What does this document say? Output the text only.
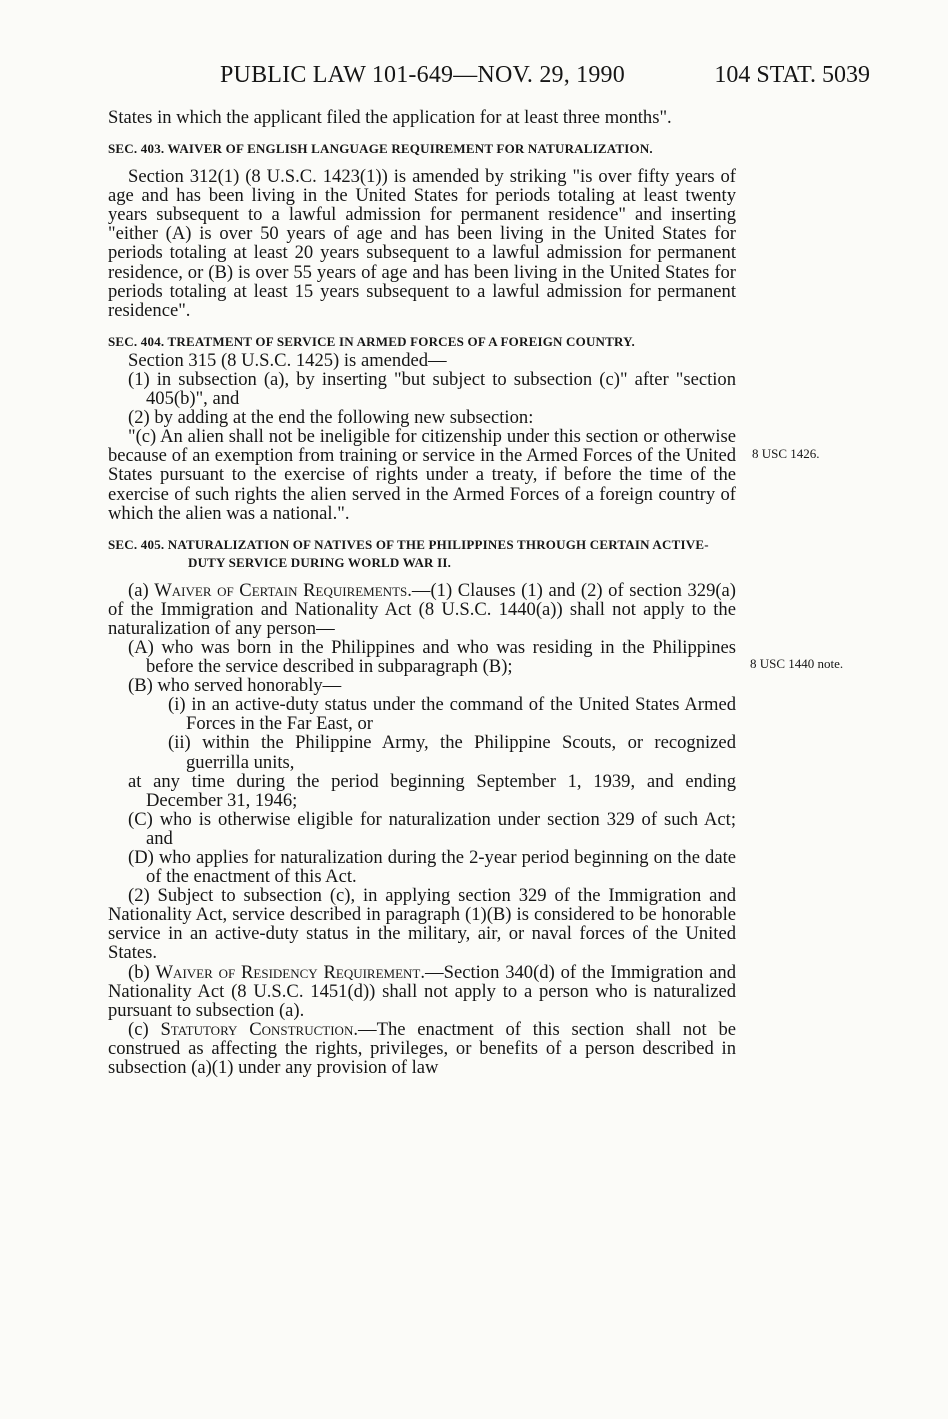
PUBLIC LAW 101-649—NOV. 29, 1990	104 STAT. 5039

States in which the applicant filed the application for at least three months".

SEC. 403. WAIVER OF ENGLISH LANGUAGE REQUIREMENT FOR NATURALIZATION.

Section 312(1) (8 U.S.C. 1423(1)) is amended by striking "is over fifty years of age and has been living in the United States for periods totaling at least twenty years subsequent to a lawful admission for permanent residence" and inserting "either (A) is over 50 years of age and has been living in the United States for periods totaling at least 20 years subsequent to a lawful admission for permanent residence, or (B) is over 55 years of age and has been living in the United States for periods totaling at least 15 years subsequent to a lawful admission for permanent residence".

SEC. 404. TREATMENT OF SERVICE IN ARMED FORCES OF A FOREIGN COUNTRY.

Section 315 (8 U.S.C. 1425) is amended—

(1) in subsection (a), by inserting "but subject to subsection (c)" after "section 405(b)", and

(2) by adding at the end the following new subsection:

"(c) An alien shall not be ineligible for citizenship under this section or otherwise because of an exemption from training or service in the Armed Forces of the United States pursuant to the exercise of rights under a treaty, if before the time of the exercise of such rights the alien served in the Armed Forces of a foreign country of which the alien was a national.".

SEC. 405. NATURALIZATION OF NATIVES OF THE PHILIPPINES THROUGH CERTAIN ACTIVE-DUTY SERVICE DURING WORLD WAR II.

(a) Waiver of Certain Requirements.—(1) Clauses (1) and (2) of section 329(a) of the Immigration and Nationality Act (8 U.S.C. 1440(a)) shall not apply to the naturalization of any person—

(A) who was born in the Philippines and who was residing in the Philippines before the service described in subparagraph (B);

(B) who served honorably—

(i) in an active-duty status under the command of the United States Armed Forces in the Far East, or

(ii) within the Philippine Army, the Philippine Scouts, or recognized guerrilla units,

at any time during the period beginning September 1, 1939, and ending December 31, 1946;

(C) who is otherwise eligible for naturalization under section 329 of such Act; and

(D) who applies for naturalization during the 2-year period beginning on the date of the enactment of this Act.

(2) Subject to subsection (c), in applying section 329 of the Immigration and Nationality Act, service described in paragraph (1)(B) is considered to be honorable service in an active-duty status in the military, air, or naval forces of the United States.

(b) Waiver of Residency Requirement.—Section 340(d) of the Immigration and Nationality Act (8 U.S.C. 1451(d)) shall not apply to a person who is naturalized pursuant to subsection (a).

(c) Statutory Construction.—The enactment of this section shall not be construed as affecting the rights, privileges, or benefits of a person described in subsection (a)(1) under any provision of law

8 USC 1426.
8 USC 1440 note.
